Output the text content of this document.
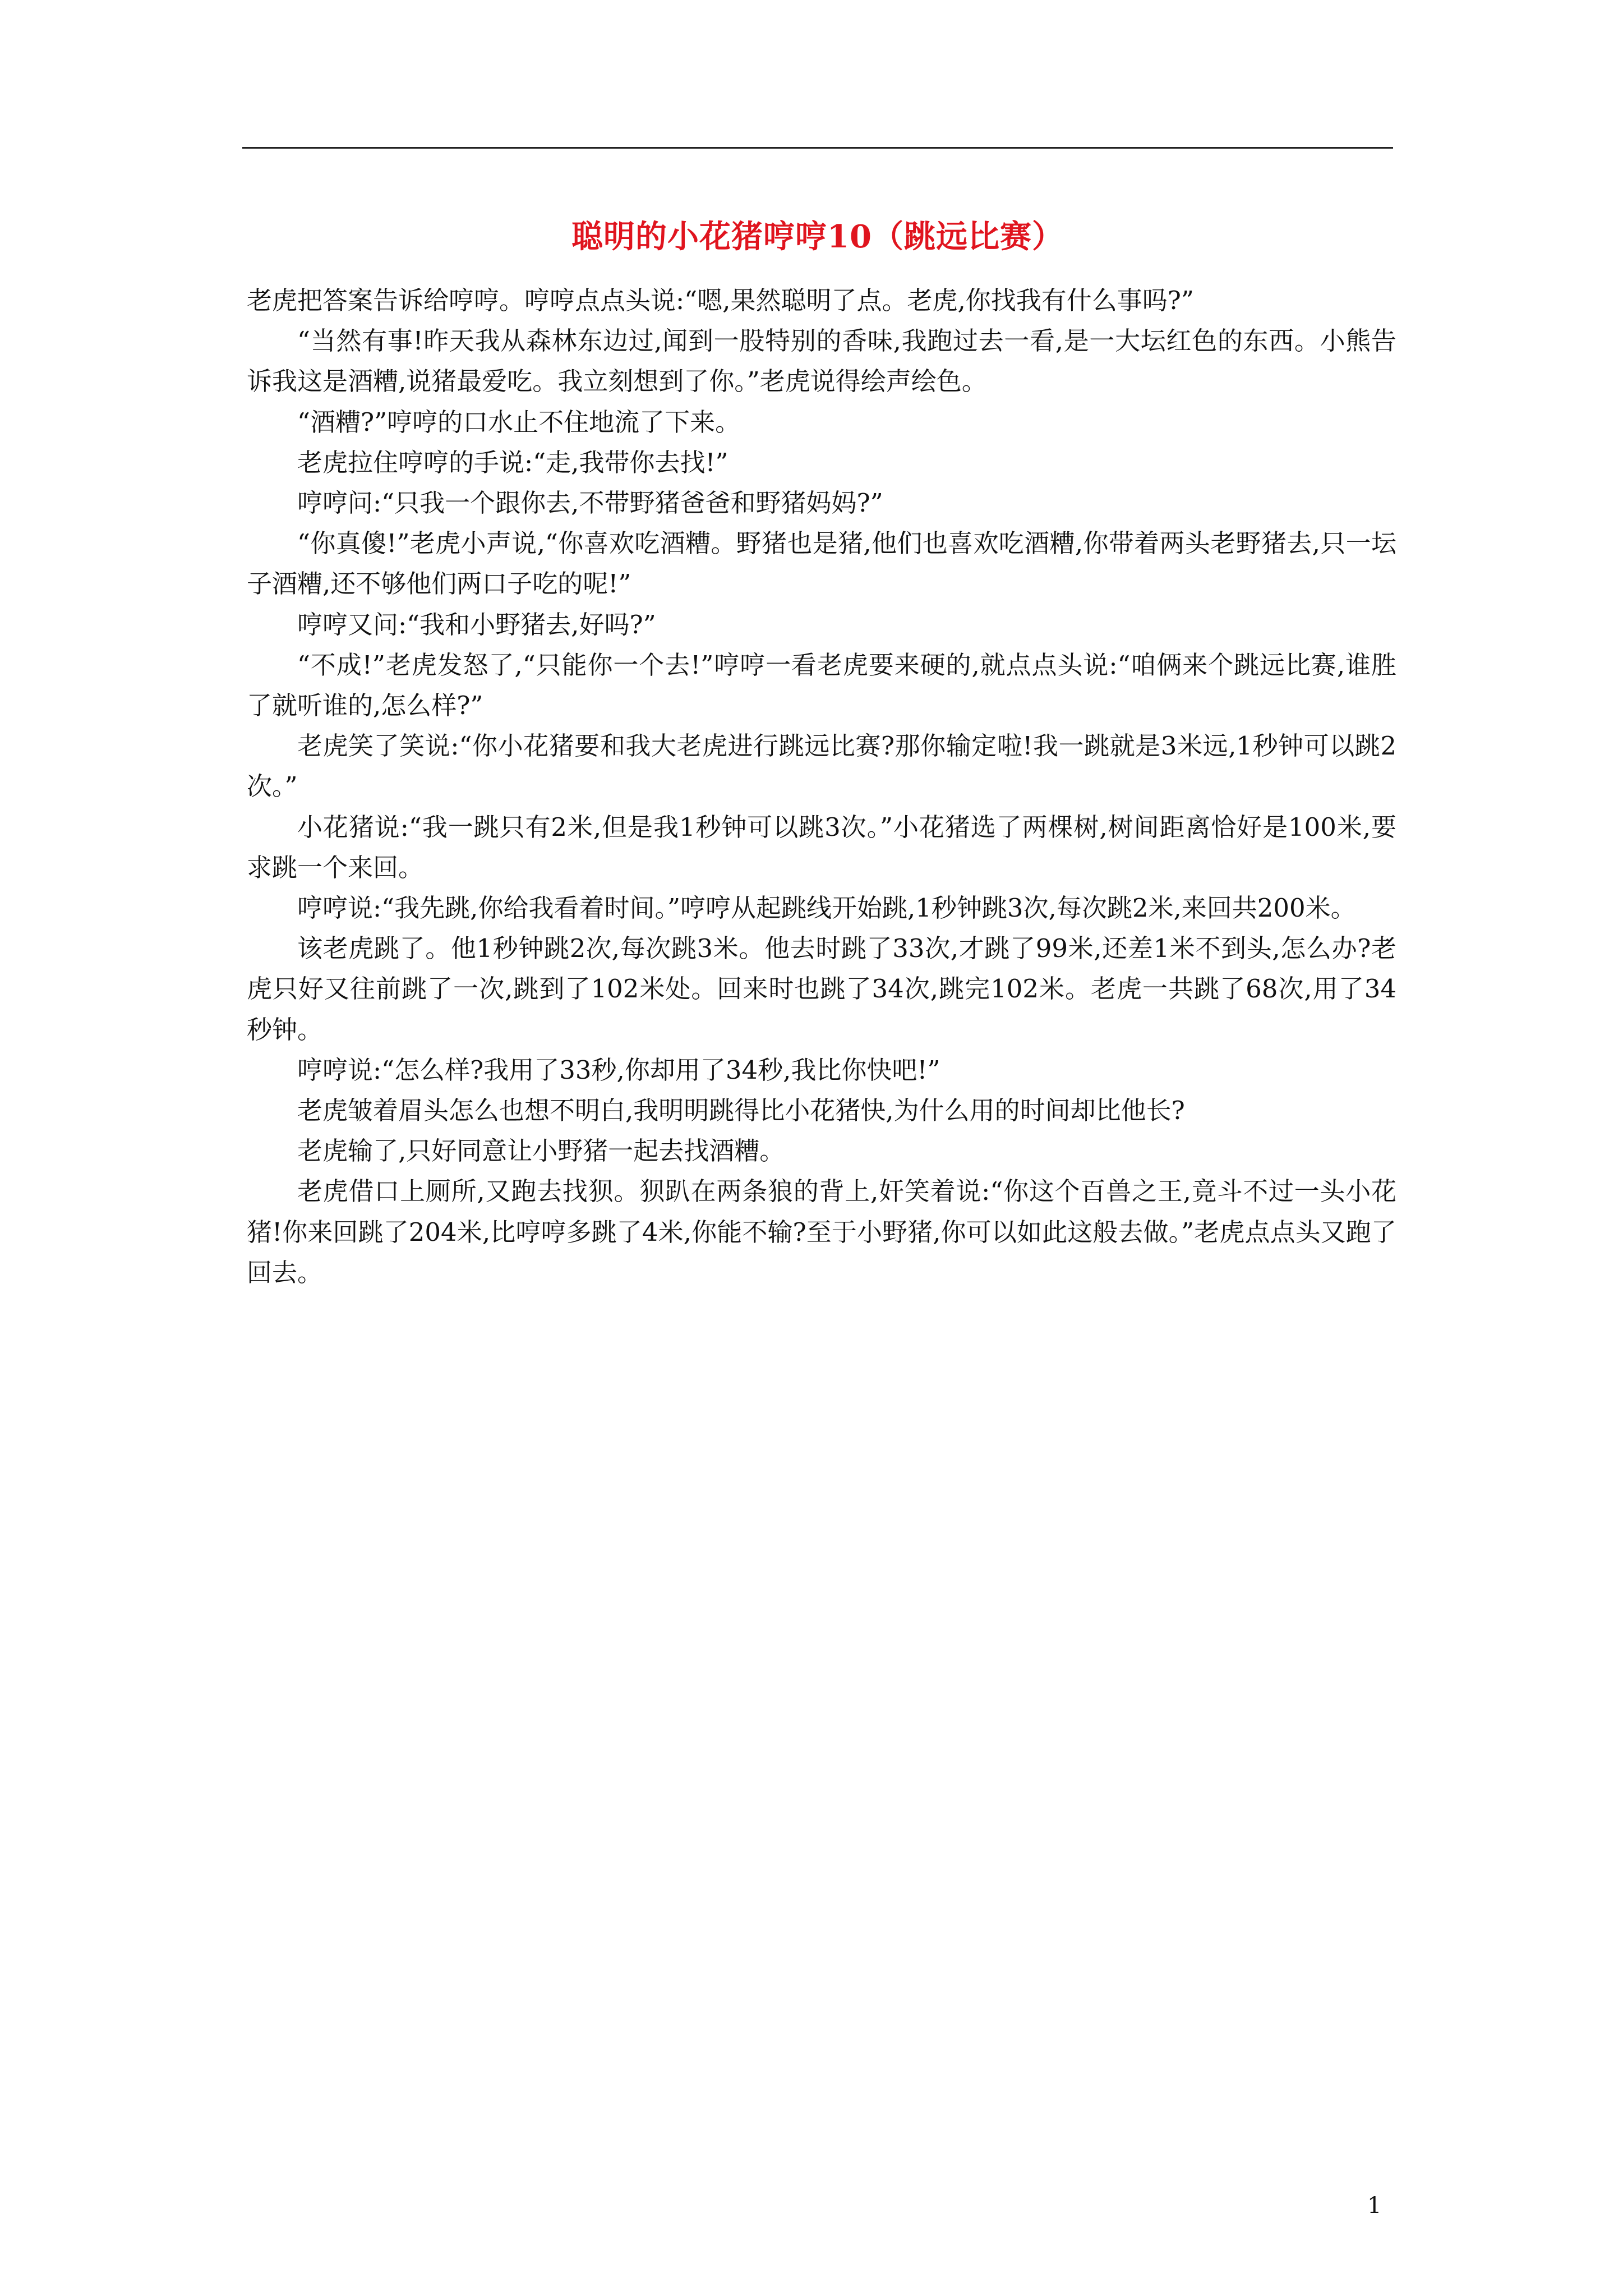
聪明的小花猪哼哼10（跳远比赛）

老虎把答案告诉给哼哼。哼哼点点头说:“嗯,果然聪明了点。老虎,你找我有什么事吗?”

“当然有事!昨天我从森林东边过,闻到一股特别的香味,我跑过去一看,是一大坛红色的东西。小熊告诉我这是酒糟,说猪最爱吃。我立刻想到了你。”老虎说得绘声绘色。

“酒糟?”哼哼的口水止不住地流了下来。

老虎拉住哼哼的手说:“走,我带你去找!”

哼哼问:“只我一个跟你去,不带野猪爸爸和野猪妈妈?”

“你真傻!”老虎小声说,“你喜欢吃酒糟。野猪也是猪,他们也喜欢吃酒糟,你带着两头老野猪去,只一坛子酒糟,还不够他们两口子吃的呢!”

哼哼又问:“我和小野猪去,好吗?”

“不成!”老虎发怒了,“只能你一个去!”哼哼一看老虎要来硬的,就点点头说:“咱俩来个跳远比赛,谁胜了就听谁的,怎么样?”

老虎笑了笑说:“你小花猪要和我大老虎进行跳远比赛?那你输定啦!我一跳就是3米远,1秒钟可以跳2次。”

小花猪说:“我一跳只有2米,但是我1秒钟可以跳3次。”小花猪选了两棵树,树间距离恰好是100米,要求跳一个来回。

哼哼说:“我先跳,你给我看着时间。”哼哼从起跳线开始跳,1秒钟跳3次,每次跳2米,来回共200米。

该老虎跳了。他1秒钟跳2次,每次跳3米。他去时跳了33次,才跳了99米,还差1米不到头,怎么办?老虎只好又往前跳了一次,跳到了102米处。回来时也跳了34次,跳完102米。老虎一共跳了68次,用了34秒钟。

哼哼说:“怎么样?我用了33秒,你却用了34秒,我比你快吧!”

老虎皱着眉头怎么也想不明白,我明明跳得比小花猪快,为什么用的时间却比他长?

老虎输了,只好同意让小野猪一起去找酒糟。

老虎借口上厕所,又跑去找狈。狈趴在两条狼的背上,奸笑着说:“你这个百兽之王,竟斗不过一头小花猪!你来回跳了204米,比哼哼多跳了4米,你能不输?至于小野猪,你可以如此这般去做。”老虎点点头又跑了回去。

1
